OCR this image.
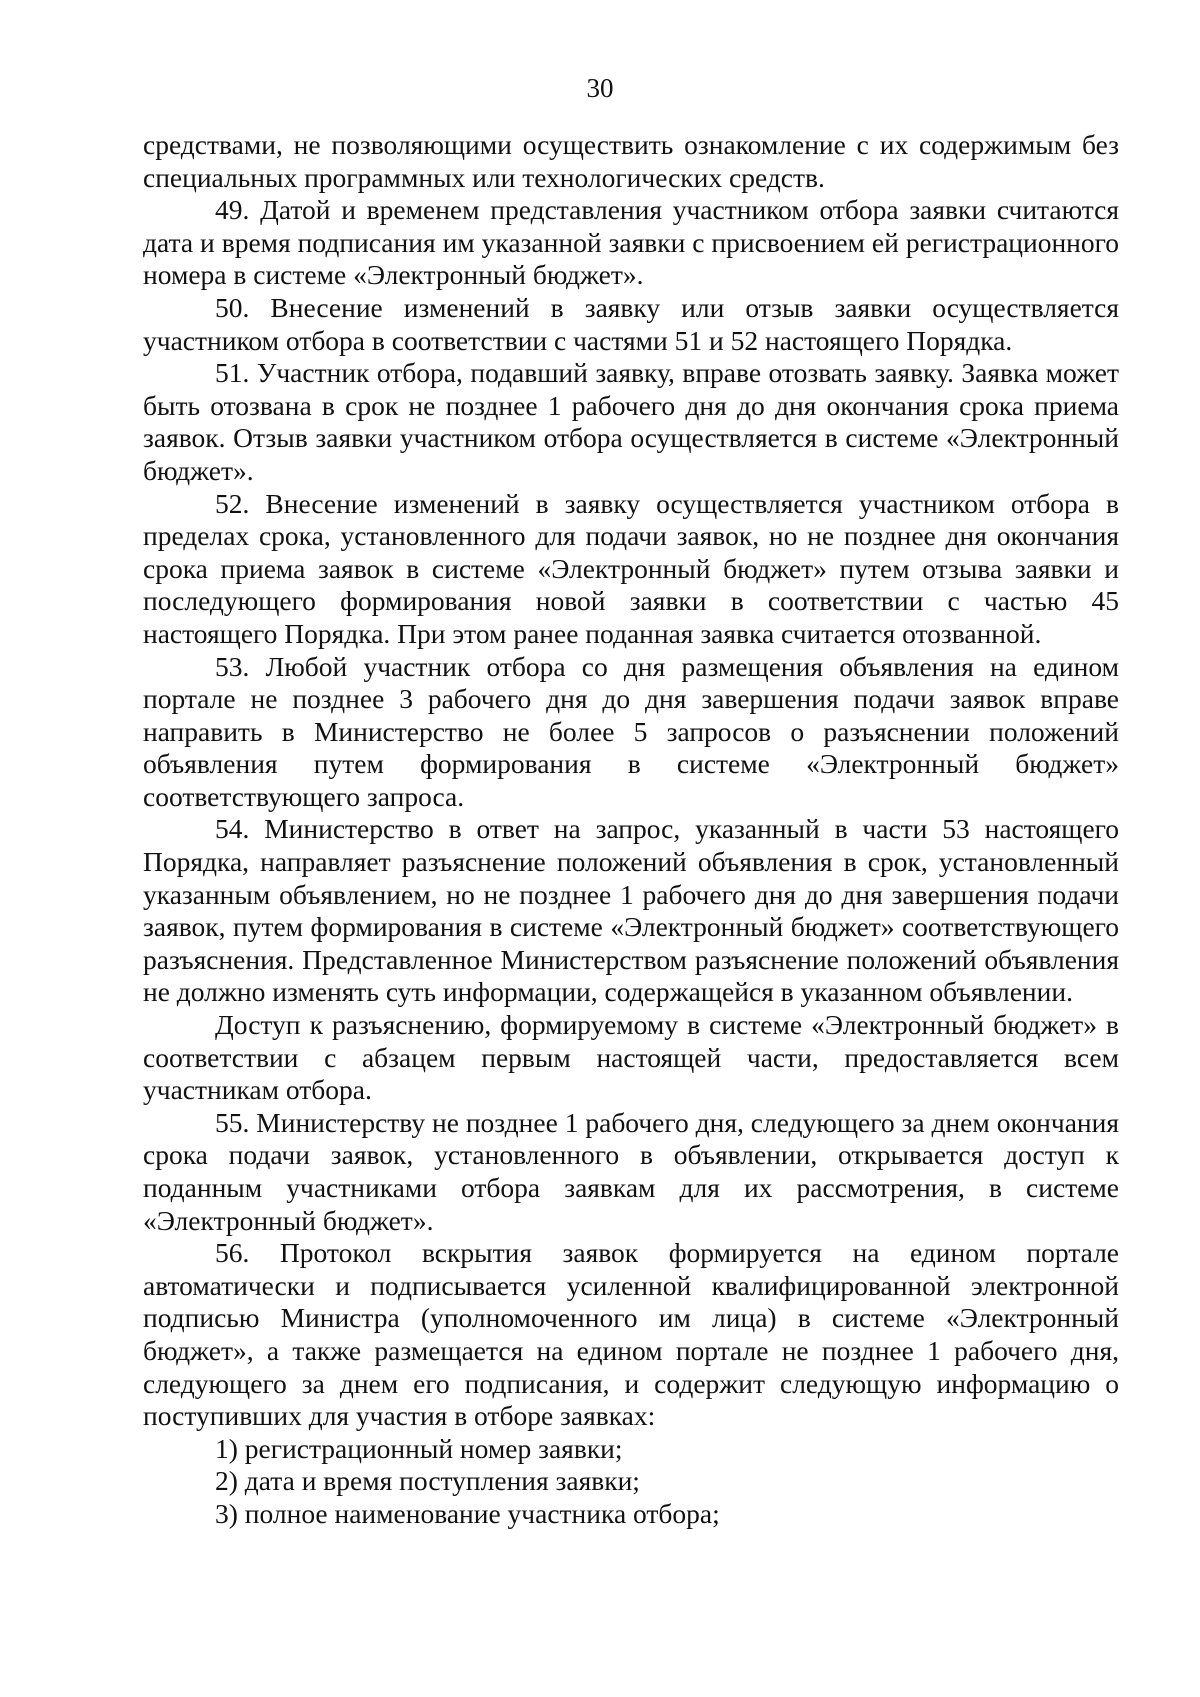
30

средствами, не позволяющими осуществить ознакомление с их содержимым без специальных программных или технологических средств.

49. Датой и временем представления участником отбора заявки считаются дата и время подписания им указанной заявки с присвоением ей регистрационного номера в системе «Электронный бюджет».

50. Внесение изменений в заявку или отзыв заявки осуществляется участником отбора в соответствии с частями 51 и 52 настоящего Порядка.

51. Участник отбора, подавший заявку, вправе отозвать заявку. Заявка может быть отозвана в срок не позднее 1 рабочего дня до дня окончания срока приема заявок. Отзыв заявки участником отбора осуществляется в системе «Электронный бюджет».

52. Внесение изменений в заявку осуществляется участником отбора в пределах срока, установленного для подачи заявок, но не позднее дня окончания срока приема заявок в системе «Электронный бюджет» путем отзыва заявки и последующего формирования новой заявки в соответствии с частью 45 настоящего Порядка. При этом ранее поданная заявка считается отозванной.

53. Любой участник отбора со дня размещения объявления на едином портале не позднее 3 рабочего дня до дня завершения подачи заявок вправе направить в Министерство не более 5 запросов о разъяснении положений объявления путем формирования в системе «Электронный бюджет» соответствующего запроса.

54. Министерство в ответ на запрос, указанный в части 53 настоящего Порядка, направляет разъяснение положений объявления в срок, установленный указанным объявлением, но не позднее 1 рабочего дня до дня завершения подачи заявок, путем формирования в системе «Электронный бюджет» соответствующего разъяснения. Представленное Министерством разъяснение положений объявления не должно изменять суть информации, содержащейся в указанном объявлении.

Доступ к разъяснению, формируемому в системе «Электронный бюджет» в соответствии с абзацем первым настоящей части, предоставляется всем участникам отбора.

55. Министерству не позднее 1 рабочего дня, следующего за днем окончания срока подачи заявок, установленного в объявлении, открывается доступ к поданным участниками отбора заявкам для их рассмотрения, в системе «Электронный бюджет».

56. Протокол вскрытия заявок формируется на едином портале автоматически и подписывается усиленной квалифицированной электронной подписью Министра (уполномоченного им лица) в системе «Электронный бюджет», а также размещается на едином портале не позднее 1 рабочего дня, следующего за днем его подписания, и содержит следующую информацию о поступивших для участия в отборе заявках:

1) регистрационный номер заявки;

2) дата и время поступления заявки;

3) полное наименование участника отбора;
